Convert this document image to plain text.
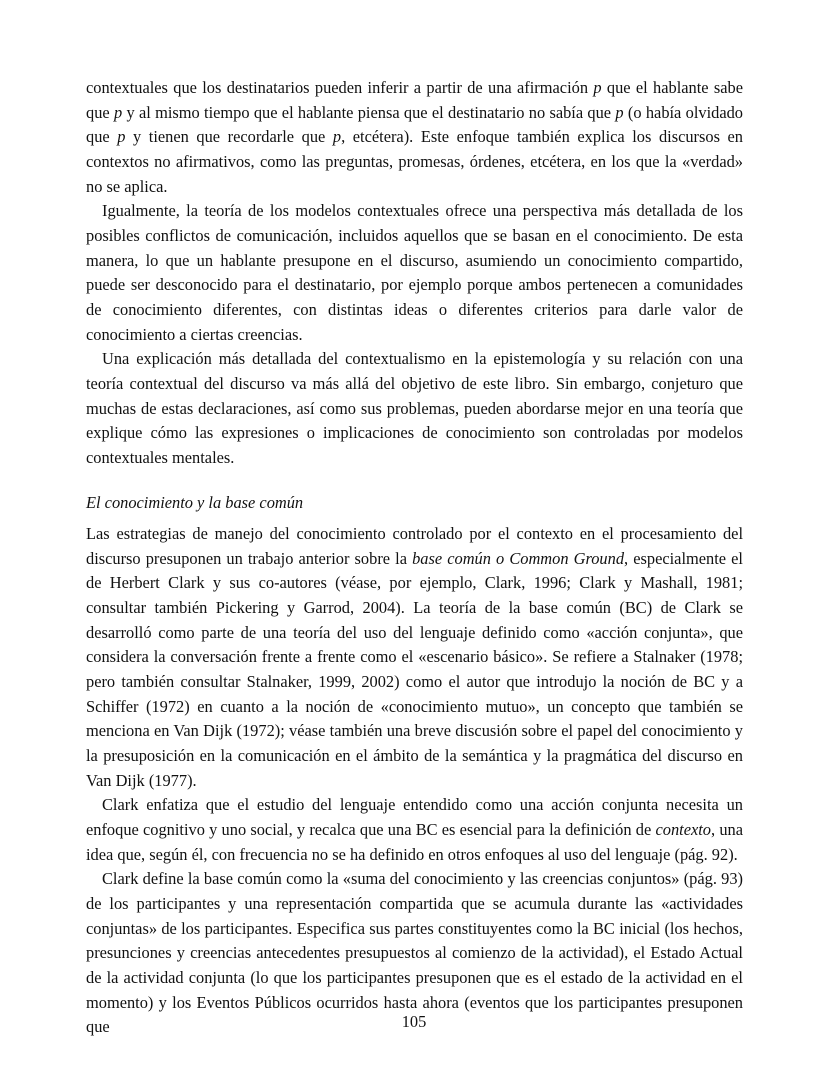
contextuales que los destinatarios pueden inferir a partir de una afirmación p que el hablante sabe que p y al mismo tiempo que el hablante piensa que el destinatario no sabía que p (o había olvidado que p y tienen que recordarle que p, etcétera). Este enfoque también explica los discursos en contextos no afirmativos, como las preguntas, promesas, órdenes, etcétera, en los que la «verdad» no se aplica.

Igualmente, la teoría de los modelos contextuales ofrece una perspectiva más detallada de los posibles conflictos de comunicación, incluidos aquellos que se basan en el conocimiento. De esta manera, lo que un hablante presupone en el discurso, asumiendo un conocimiento compartido, puede ser desconocido para el destinatario, por ejemplo porque ambos pertenecen a comunidades de conocimiento diferentes, con distintas ideas o diferentes criterios para darle valor de conocimiento a ciertas creencias.

Una explicación más detallada del contextualismo en la epistemología y su relación con una teoría contextual del discurso va más allá del objetivo de este libro. Sin embargo, conjeturo que muchas de estas declaraciones, así como sus problemas, pueden abordarse mejor en una teoría que explique cómo las expresiones o implicaciones de conocimiento son controladas por modelos contextuales mentales.

El conocimiento y la base común

Las estrategias de manejo del conocimiento controlado por el contexto en el procesamiento del discurso presuponen un trabajo anterior sobre la base común o Common Ground, especialmente el de Herbert Clark y sus co-autores (véase, por ejemplo, Clark, 1996; Clark y Mashall, 1981; consultar también Pickering y Garrod, 2004). La teoría de la base común (BC) de Clark se desarrolló como parte de una teoría del uso del lenguaje definido como «acción conjunta», que considera la conversación frente a frente como el «escenario básico». Se refiere a Stalnaker (1978; pero también consultar Stalnaker, 1999, 2002) como el autor que introdujo la noción de BC y a Schiffer (1972) en cuanto a la noción de «conocimiento mutuo», un concepto que también se menciona en Van Dijk (1972); véase también una breve discusión sobre el papel del conocimiento y la presuposición en la comunicación en el ámbito de la semántica y la pragmática del discurso en Van Dijk (1977).

Clark enfatiza que el estudio del lenguaje entendido como una acción conjunta necesita un enfoque cognitivo y uno social, y recalca que una BC es esencial para la definición de contexto, una idea que, según él, con frecuencia no se ha definido en otros enfoques al uso del lenguaje (pág. 92).

Clark define la base común como la «suma del conocimiento y las creencias conjuntos» (pág. 93) de los participantes y una representación compartida que se acumula durante las «actividades conjuntas» de los participantes. Especifica sus partes constituyentes como la BC inicial (los hechos, presunciones y creencias antecedentes presupuestos al comienzo de la actividad), el Estado Actual de la actividad conjunta (lo que los participantes presuponen que es el estado de la actividad en el momento) y los Eventos Públicos ocurridos hasta ahora (eventos que los participantes presuponen que	105
